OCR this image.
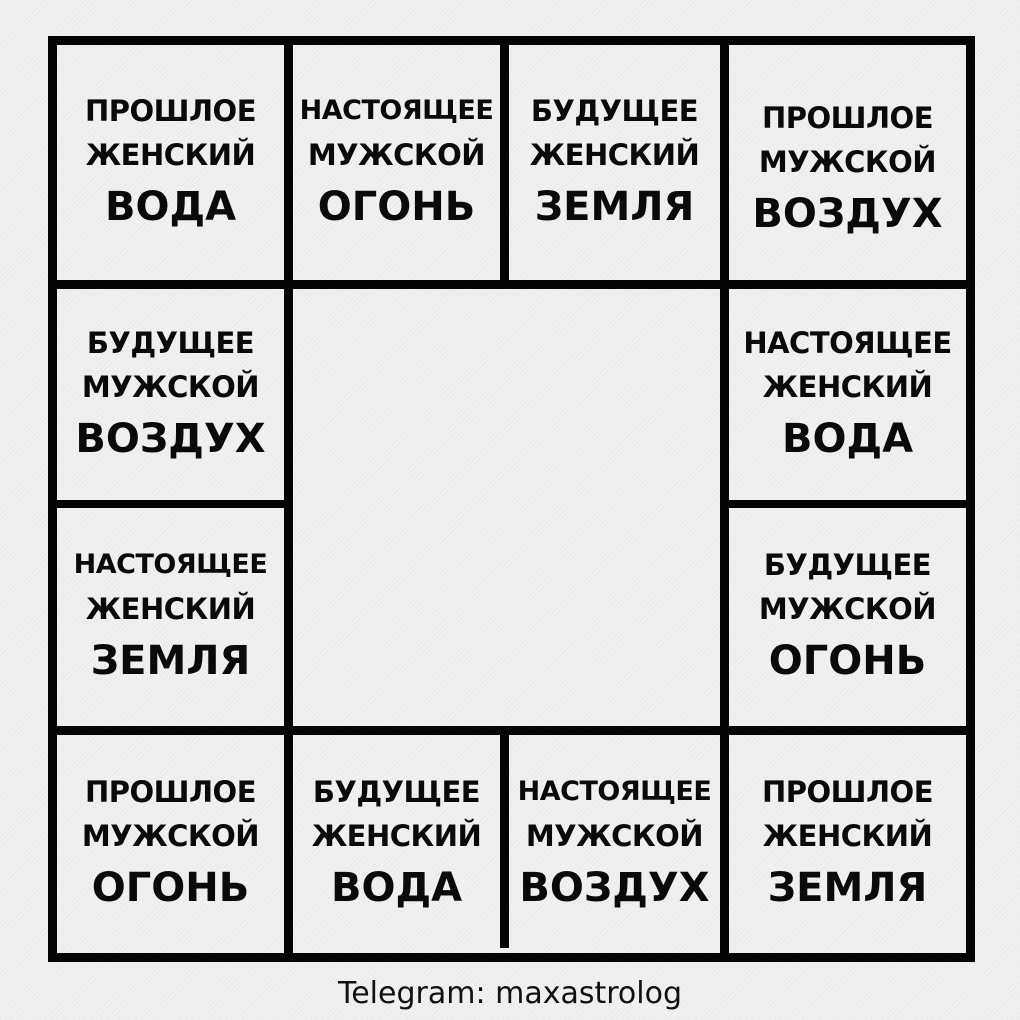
ПРОШЛОЕ
ЖЕНСКИЙ
ВОДА
НАСТОЯЩЕЕ
МУЖСКОЙ
ОГОНЬ
БУДУЩЕЕ
ЖЕНСКИЙ
ЗЕМЛЯ
ПРОШЛОЕ
МУЖСКОЙ
ВОЗДУХ
НАСТОЯЩЕЕ
ЖЕНСКИЙ
ВОДА
БУДУЩЕЕ
МУЖСКОЙ
ОГОНЬ
ПРОШЛОЕ
ЖЕНСКИЙ
ЗЕМЛЯ
НАСТОЯЩЕЕ
МУЖСКОЙ
ВОЗДУХ
БУДУЩЕЕ
ЖЕНСКИЙ
ВОДА
ПРОШЛОЕ
МУЖСКОЙ
ОГОНЬ
НАСТОЯЩЕЕ
ЖЕНСКИЙ
ЗЕМЛЯ
БУДУЩЕЕ
МУЖСКОЙ
ВОЗДУХ
Telegram: maxastrolog
